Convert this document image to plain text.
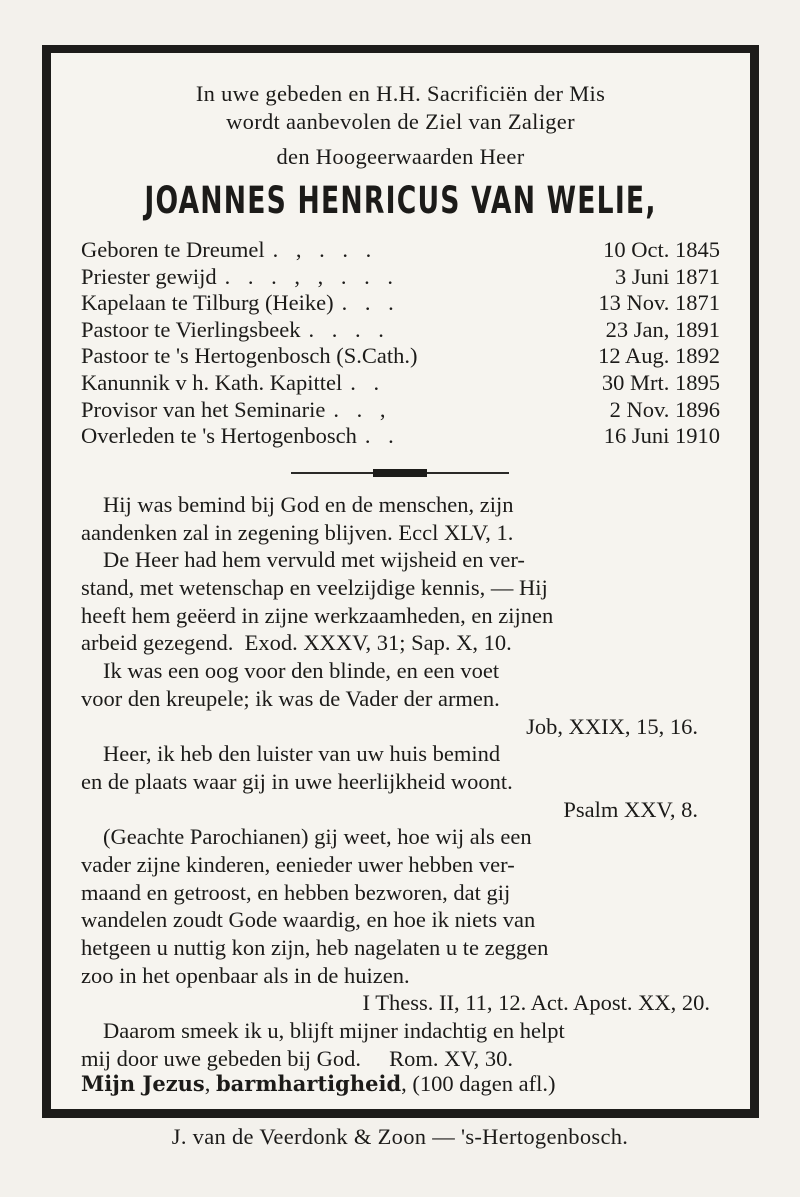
In uwe gebeden en H.H. Sacrificiën der Mis
wordt aanbevolen de Ziel van Zaliger
den Hoogeerwaarden Heer
JOANNES HENRICUS VAN WELIE,
Geboren te Dreumel . , . . .	10 Oct. 1845
Priester gewijd . . . , , . . .	3 Juni 1871
Kapelaan te Tilburg (Heike) . . .	13 Nov. 1871
Pastoor te Vierlingsbeek . . . .	23 Jan, 1891
Pastoor te 's Hertogenbosch (S.Cath.)	12 Aug. 1892
Kanunnik v h. Kath. Kapittel . .	30 Mrt. 1895
Provisor van het Seminarie . . ,	2 Nov. 1896
Overleden te 's Hertogenbosch . .	16 Juni 1910
Hij was bemind bij God en de menschen, zijn
aandenken zal in zegening blijven. Eccl XLV, 1.
De Heer had hem vervuld met wijsheid en ver-
stand, met wetenschap en veelzijdige kennis, — Hij
heeft hem geëerd in zijne werkzaamheden, en zijnen
arbeid gezegend.  Exod. XXXV, 31; Sap. X, 10.
Ik was een oog voor den blinde, en een voet
voor den kreupele; ik was de Vader der armen.
Job, XXIX, 15, 16.
Heer, ik heb den luister van uw huis bemind
en de plaats waar gij in uwe heerlijkheid woont.
Psalm XXV, 8.
(Geachte Parochianen) gij weet, hoe wij als een
vader zijne kinderen, eenieder uwer hebben ver-
maand en getroost, en hebben bezworen, dat gij
wandelen zoudt Gode waardig, en hoe ik niets van
hetgeen u nuttig kon zijn, heb nagelaten u te zeggen
zoo in het openbaar als in de huizen.
I Thess. II, 11, 12. Act. Apost. XX, 20.
Daarom smeek ik u, blijft mijner indachtig en helpt
mij door uwe gebeden bij God.     Rom. XV, 30.
Mijn Jezus, barmhartigheid, (100 dagen afl.)
J. van de Veerdonk & Zoon — 's-Hertogenbosch.
